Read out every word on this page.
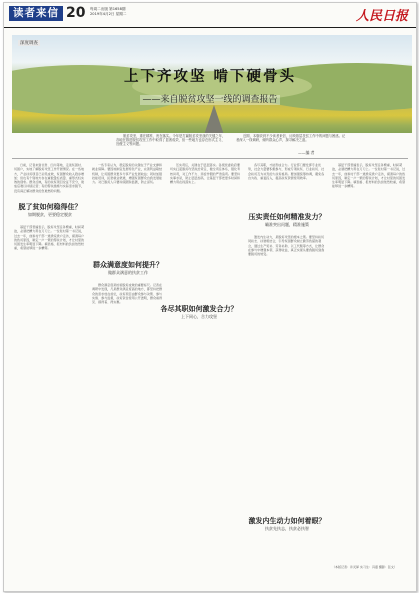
读者来信 20 每周二出版 第1658期
2019年4月2日 星期二	人民日报
深度调查
上下齐攻坚 啃下硬骨头
——来自脱贫攻坚一线的调查报告
脱贫攻坚，重在精准，贵在落实。今年是打赢脱贫攻坚战的关键之年，各地在推进脱贫攻坚工作中取得了显著成效，但一些地方也存在形式主义、官僚主义等问题。
近期，本版收到不少读者来信，反映基层扶贫工作中的问题与困惑。记者深入一线调研，倾听群众心声，探寻解决之道。
——编 者
日前，记者来到甘肃、四川等地，走进贫困村、贫困户，实地了解脱贫攻坚工作开展情况。在一些地方，产业扶贫项目已初见成效，贫困群众收入稳步增加；但也有个别地方存在重数量轻质量、重形式轻实效的现象。群众反映，有的扶贫项目论证不充分，建成后难以持续运营；有的帮扶措施与实际需求脱节，没有真正解决群众的急难愁盼问题。
脱了贫如何稳得住？
如期脱贫，更要稳定脱贫
基层干部普遍表示，脱贫攻坚任务繁重，时间紧迫，必须把精力用在刀刃上。一位驻村第一书记说，过去一年，他和村干部一道挨家挨户走访，摸清每户的致贫原因，制定一户一策的帮扶计划，才让村里的贫困发生率明显下降。填表格、报材料的负担依然较重，希望能够进一步精简。
一些专家认为，稳定脱贫的关键在于产业支撑和就业保障。要因地制宜发展特色产业，完善利益联结机制，让贫困群众更多分享产业发展收益；同时加强技能培训，拓宽就业渠道，增强贫困群众自我发展能力。对已脱贫人口要持续跟踪监测，防止返贫。
群众满意度如何提升？
做群众满意的扶贫工作
群众满意度是检验脱贫成效的重要标尺。记者在调研中发现，凡是群众满意度高的地方，都坚持把群众的需求放在首位，扶贫项目由群众参与决策、参与实施、参与监督，扶贫资金使用公开透明，群众看得见、摸得着、得实惠。
压实责任，关键在于层层落实。各级党委政府要切实扛起脱贫攻坚政治责任，健全责任体系，强化考核问责，对工作不力、弄虚作假的严肃追责。要坚持实事求是，防止层层加码，让基层干部把更多时间和精力用在抓落实上。
各尽其职，才能形成合力。行业部门要发挥专业优势，社会力量要积极参与，形成专项扶贫、行业扶贫、社会扶贫互为补充的大扶贫格局。要加强统筹协调，避免各自为政、重复投入，提高扶贫资源使用效率。
压实责任如何精准发力？
瞄准突出问题，精准施策
激发内生动力，是脱贫攻坚的根本之策。要坚持扶贫同扶志、扶智相结合，引导贫困群众树立勤劳致富的观念，通过生产奖补、劳务补助、以工代赈等方式，让群众在参与中增强本领、获得收益，真正实现从要我脱贫到我要脱贫的转变。
激发内生动力如何着眼？
扶贫先扶志，扶贫必扶智
各尽其职如何激发合力？
上下同心，合力攻坚
基层干部普遍表示，脱贫攻坚任务繁重，时间紧迫，必须把精力用在刀刃上。一位驻村第一书记说，过去一年，他和村干部一道挨家挨户走访，摸清每户的致贫原因，制定一户一策的帮扶计划，才让村里的贫困发生率明显下降。填表格、报材料的负担依然较重，希望能够进一步精简。
（本版记者：许灵犀 实习生：冯嘉 摄影：张文）
